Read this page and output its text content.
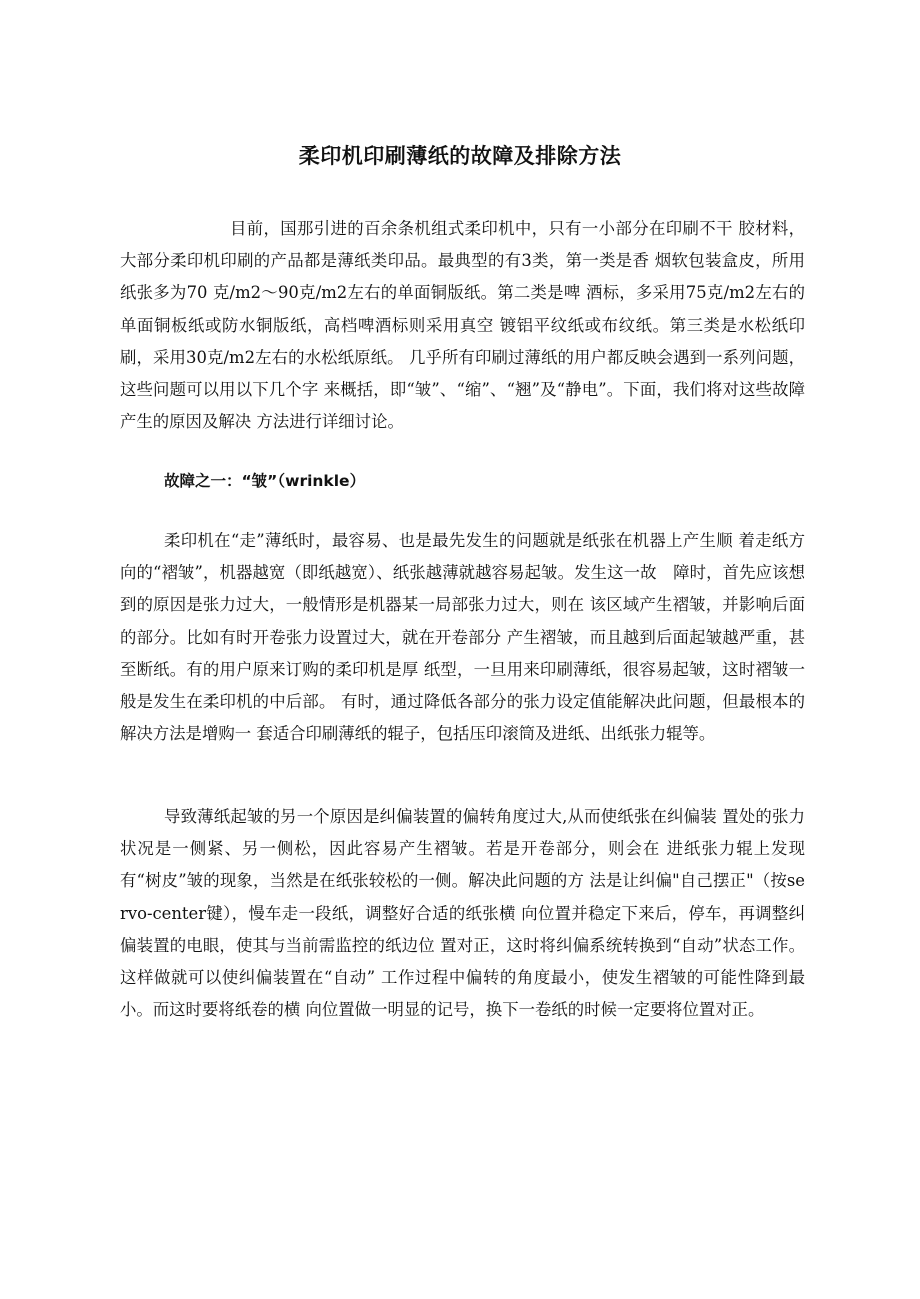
柔印机印刷薄纸的故障及排除方法

目前，国那引进的百余条机组式柔印机中，只有一小部分在印刷不干 胶材料，大部分柔印机印刷的产品都是薄纸类印品。最典型的有3类，第一类是香 烟软包装盒皮，所用纸张多为70 克/m2～90克/m2左右的单面铜版纸。第二类是啤 酒标，多采用75克/m2左右的单面铜板纸或防水铜版纸，高档啤酒标则采用真空 镀铝平纹纸或布纹纸。第三类是水松纸印刷，采用30克/m2左右的水松纸原纸。 几乎所有印刷过薄纸的用户都反映会遇到一系列问题，这些问题可以用以下几个字 来概括，即“皱”、“缩”、“翘”及“静电”。下面，我们将对这些故障产生的原因及解决 方法进行详细讨论。

故障之一：“皱”（wrinkle）

柔印机在“走”薄纸时，最容易、也是最先发生的问题就是纸张在机器上产生顺 着走纸方向的“褶皱”，机器越宽（即纸越宽）、纸张越薄就越容易起皱。发生这一故　障时，首先应该想到的原因是张力过大，一般情形是机器某一局部张力过大，则在 该区域产生褶皱，并影响后面的部分。比如有时开卷张力设置过大，就在开卷部分 产生褶皱，而且越到后面起皱越严重，甚至断纸。有的用户原来订购的柔印机是厚 纸型，一旦用来印刷薄纸，很容易起皱，这时褶皱一般是发生在柔印机的中后部。 有时，通过降低各部分的张力设定值能解决此问题，但最根本的解决方法是增购一 套适合印刷薄纸的辊子，包括压印滚筒及进纸、出纸张力辊等。

导致薄纸起皱的另一个原因是纠偏装置的偏转角度过大,从而使纸张在纠偏装 置处的张力状况是一侧紧、另一侧松，因此容易产生褶皱。若是开卷部分，则会在 进纸张力辊上发现有“树皮”皱的现象，当然是在纸张较松的一侧。解决此问题的方 法是让纠偏"自己摆正"（按servo-center键），慢车走一段纸，调整好合适的纸张横 向位置并稳定下来后，停车，再调整纠偏装置的电眼，使其与当前需监控的纸边位 置对正，这时将纠偏系统转换到“自动”状态工作。这样做就可以使纠偏装置在“自动” 工作过程中偏转的角度最小，使发生褶皱的可能性降到最小。而这时要将纸卷的横 向位置做一明显的记号，换下一卷纸的时候一定要将位置对正。
